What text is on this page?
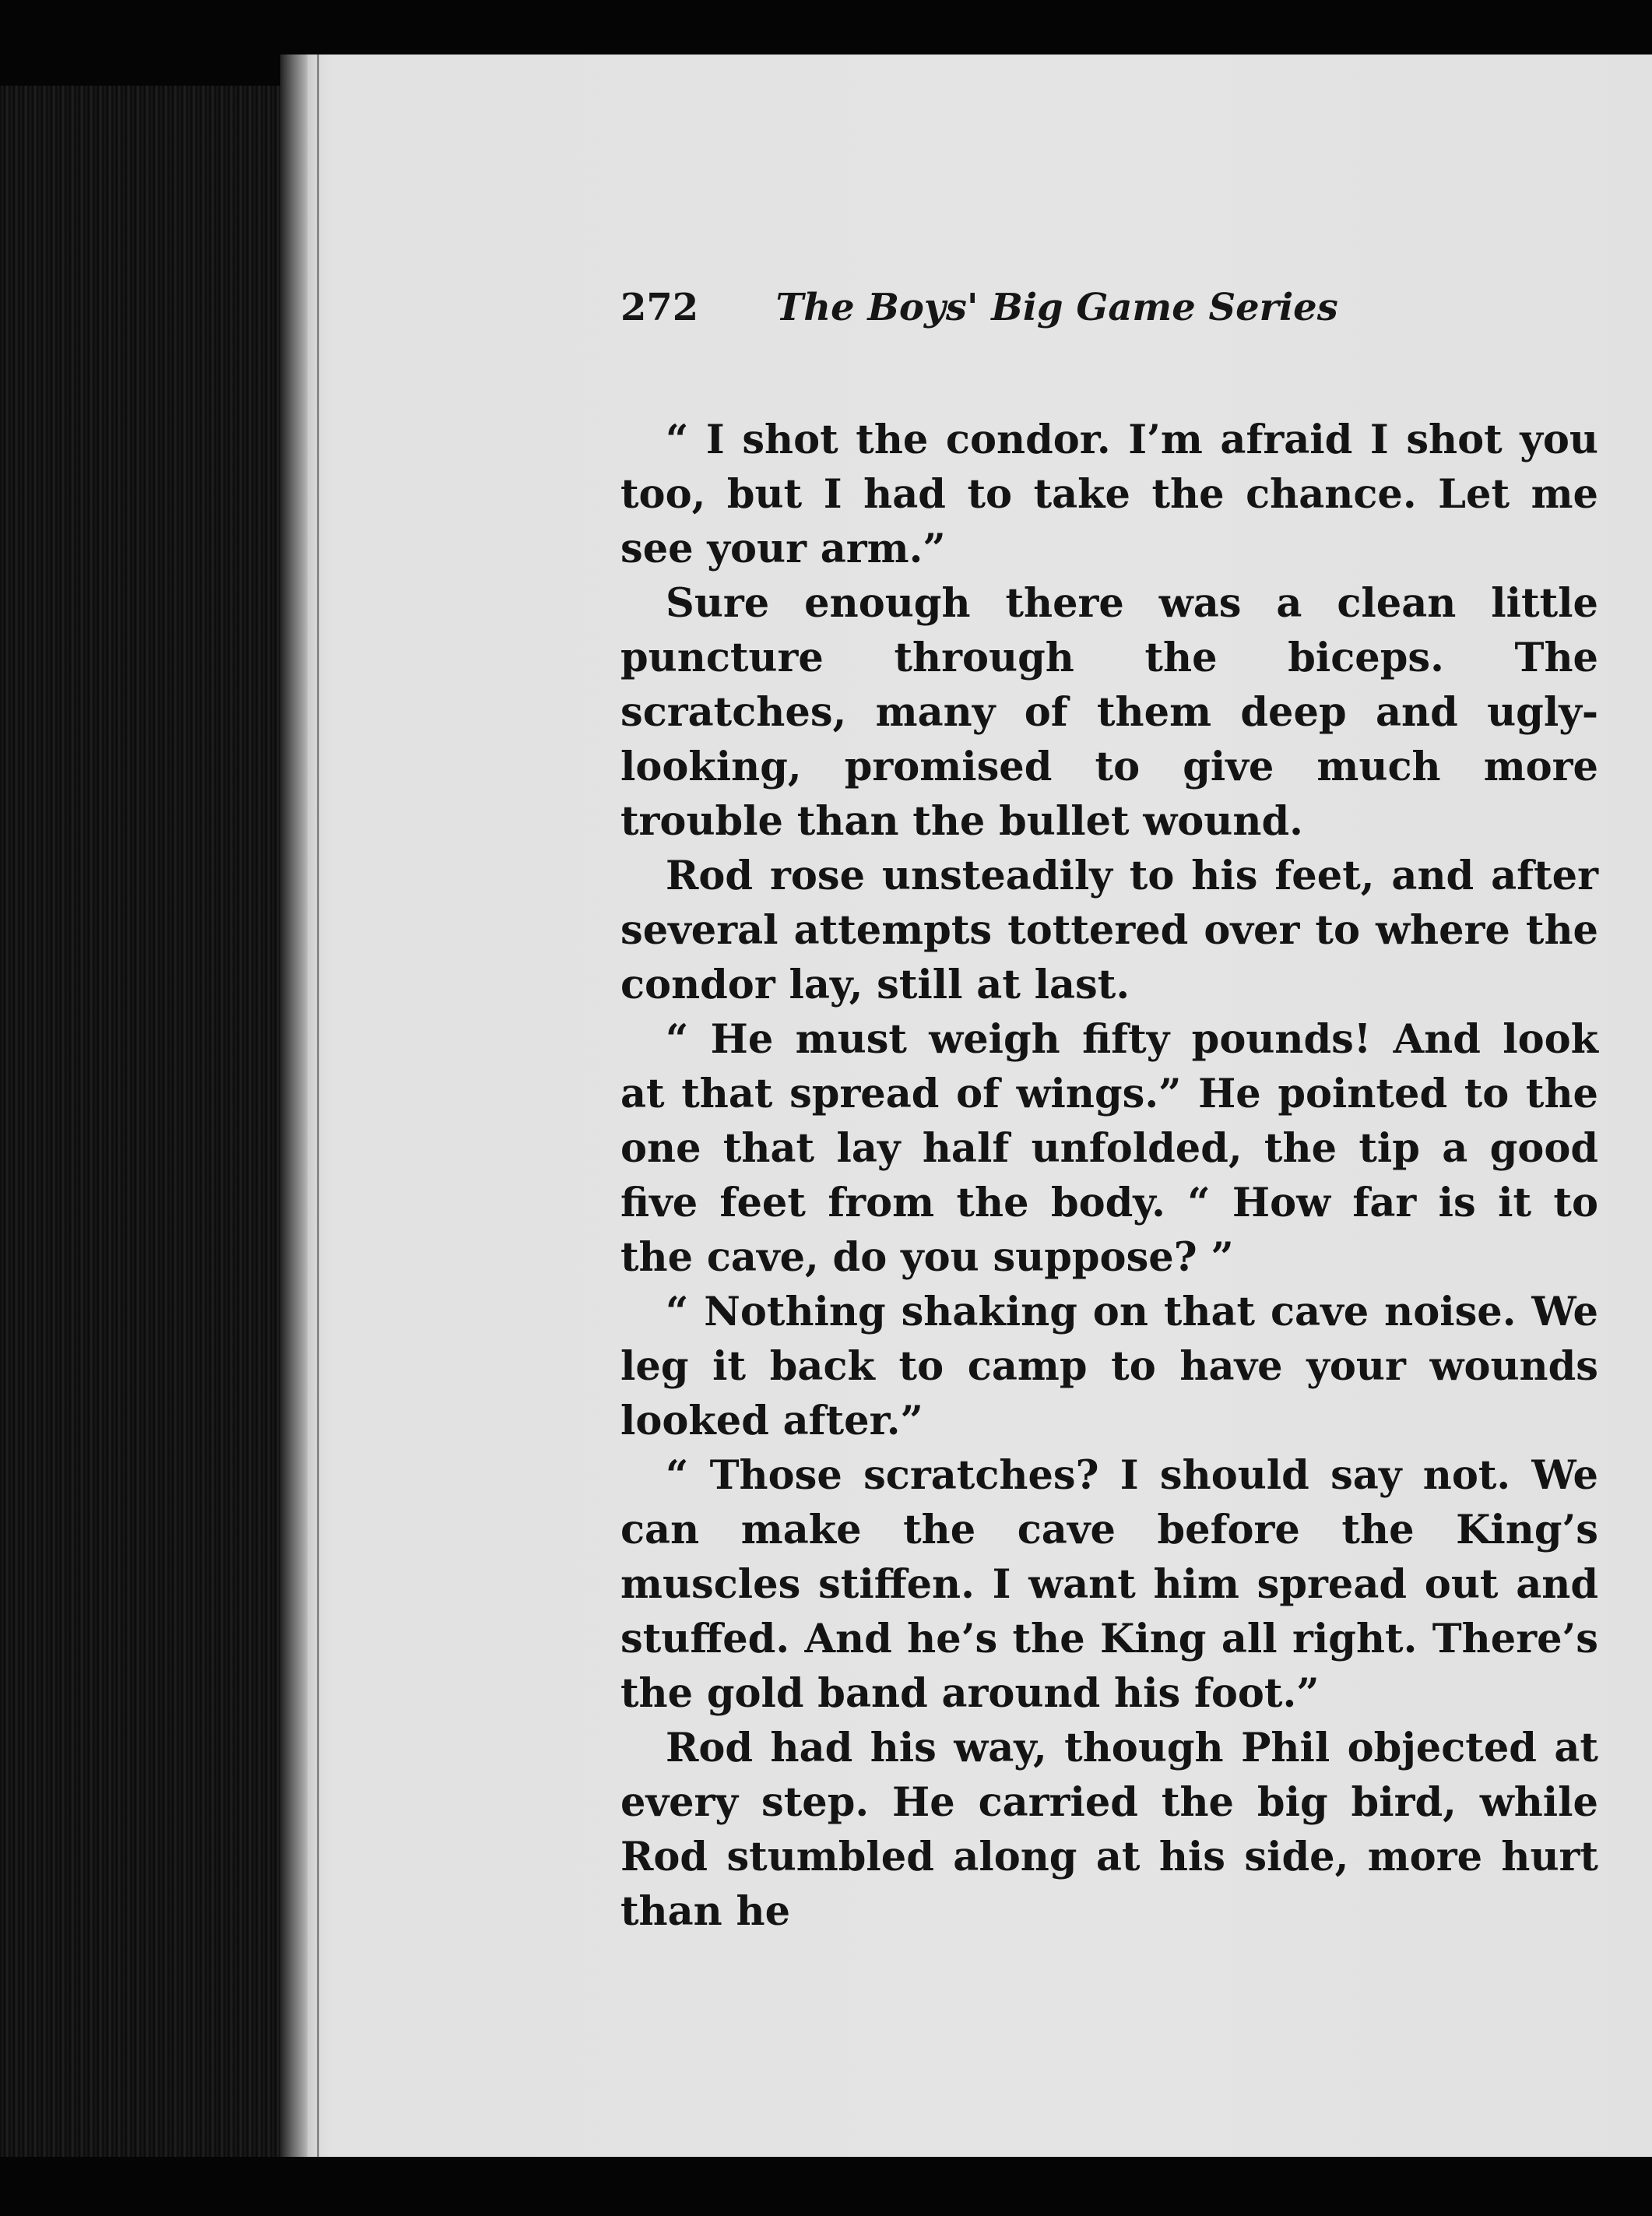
272 The Boys' Big Game Series

“ I shot the condor. I’m afraid I shot you too, but I had to take the chance. Let me see your arm.”

Sure enough there was a clean little puncture through the biceps. The scratches, many of them deep and ugly-looking, promised to give much more trouble than the bullet wound.

Rod rose unsteadily to his feet, and after several attempts tottered over to where the condor lay, still at last.

“ He must weigh fifty pounds! And look at that spread of wings.” He pointed to the one that lay half unfolded, the tip a good five feet from the body. “ How far is it to the cave, do you suppose? ”

“ Nothing shaking on that cave noise. We leg it back to camp to have your wounds looked after.”

“ Those scratches? I should say not. We can make the cave before the King’s muscles stiffen. I want him spread out and stuffed. And he’s the King all right. There’s the gold band around his foot.”

Rod had his way, though Phil objected at every step. He carried the big bird, while Rod stumbled along at his side, more hurt than he
